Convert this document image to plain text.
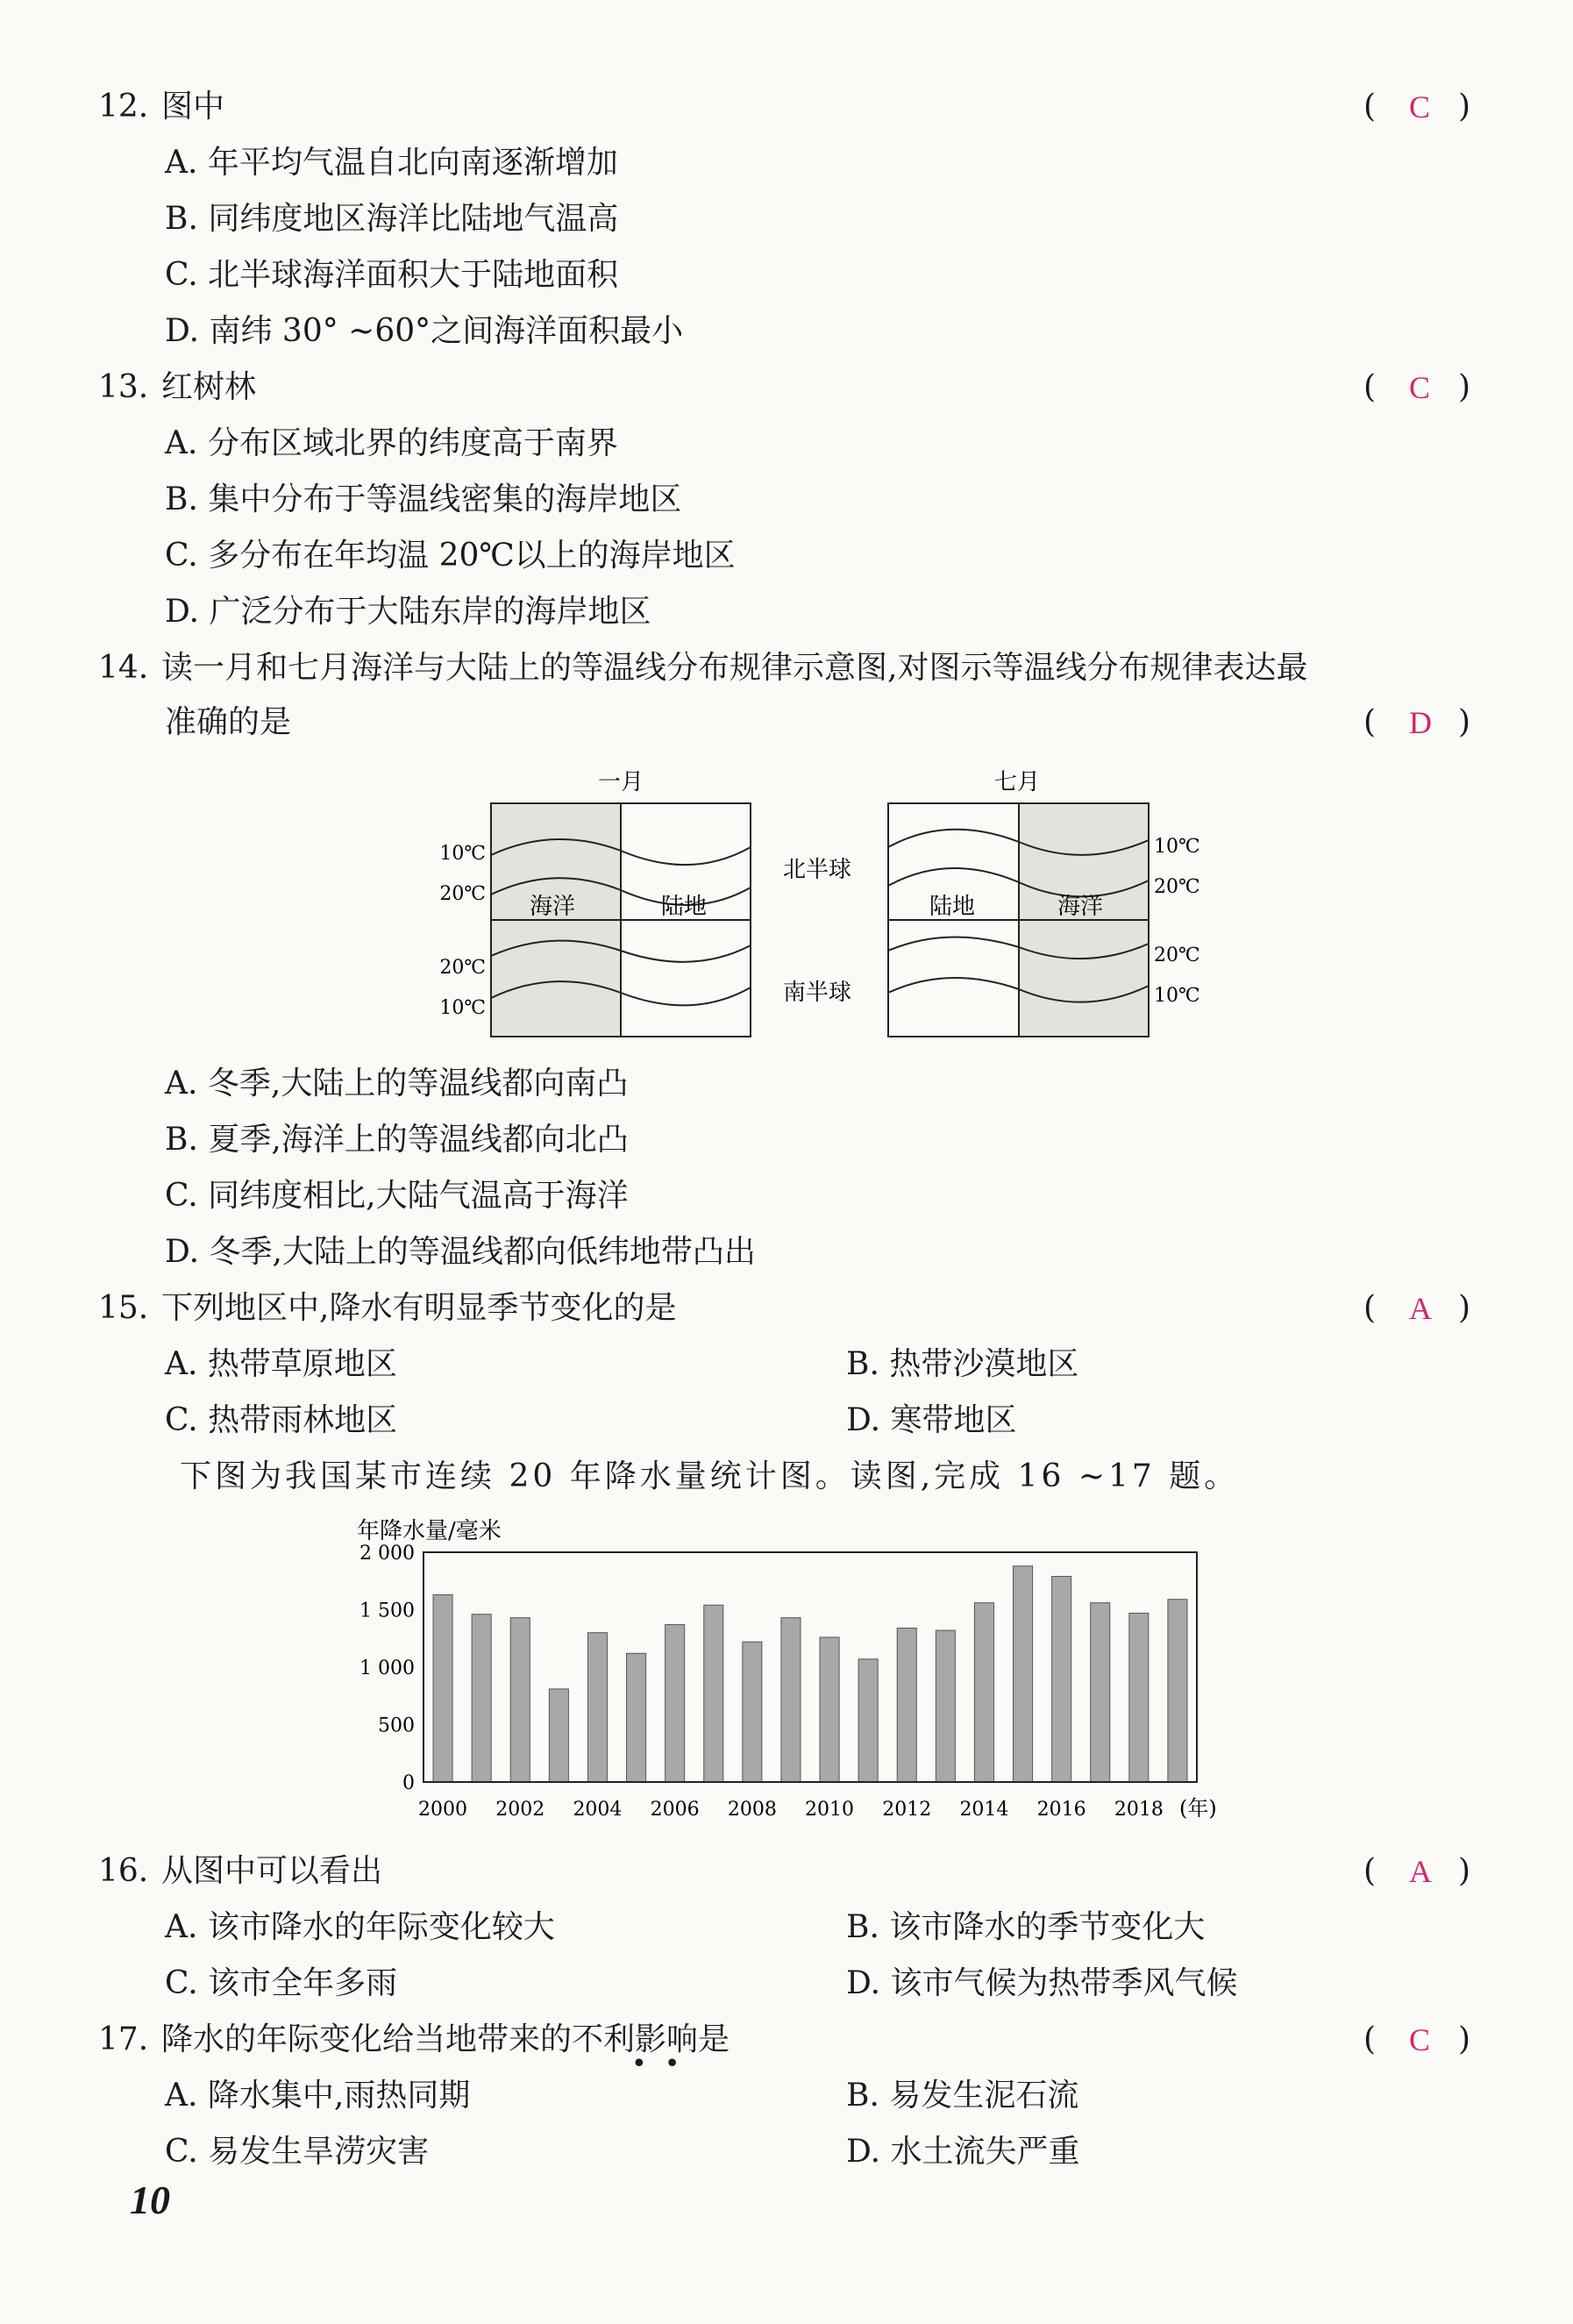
12. 图中	( C )
A. 年平均气温自北向南逐渐增加
B. 同纬度地区海洋比陆地气温高
C. 北半球海洋面积大于陆地面积
D. 南纬 30° ~60°之间海洋面积最小
13. 红树林	( C )
A. 分布区域北界的纬度高于南界
B. 集中分布于等温线密集的海岸地区
C. 多分布在年均温 20℃以上的海岸地区
D. 广泛分布于大陆东岸的海岸地区
14. 读一月和七月海洋与大陆上的等温线分布规律示意图,对图示等温线分布规律表达最
准确的是	( D )
一月	七月
海洋	陆地
10℃
20℃
20℃
10℃
北半球
南半球
陆地	海洋
10℃
20℃
20℃
10℃
A. 冬季,大陆上的等温线都向南凸
B. 夏季,海洋上的等温线都向北凸
C. 同纬度相比,大陆气温高于海洋
D. 冬季,大陆上的等温线都向低纬地带凸出
15. 下列地区中,降水有明显季节变化的是	( A )
A. 热带草原地区	B. 热带沙漠地区
C. 热带雨林地区	D. 寒带地区
下图为我国某市连续 20 年降水量统计图。读图,完成 16 ~17 题。
年降水量/毫米
0
500
1 000
1 500
2 000
2000 2002 2004 2006 2008 2010 2012 2014 2016 2018 (年)
16. 从图中可以看出	( A )
A. 该市降水的年际变化较大	B. 该市降水的季节变化大
C. 该市全年多雨	D. 该市气候为热带季风气候
17. 降水的年际变化给当地带来的不利影响是
••
( C )
A. 降水集中,雨热同期	B. 易发生泥石流
C. 易发生旱涝灾害	D. 水土流失严重
10
